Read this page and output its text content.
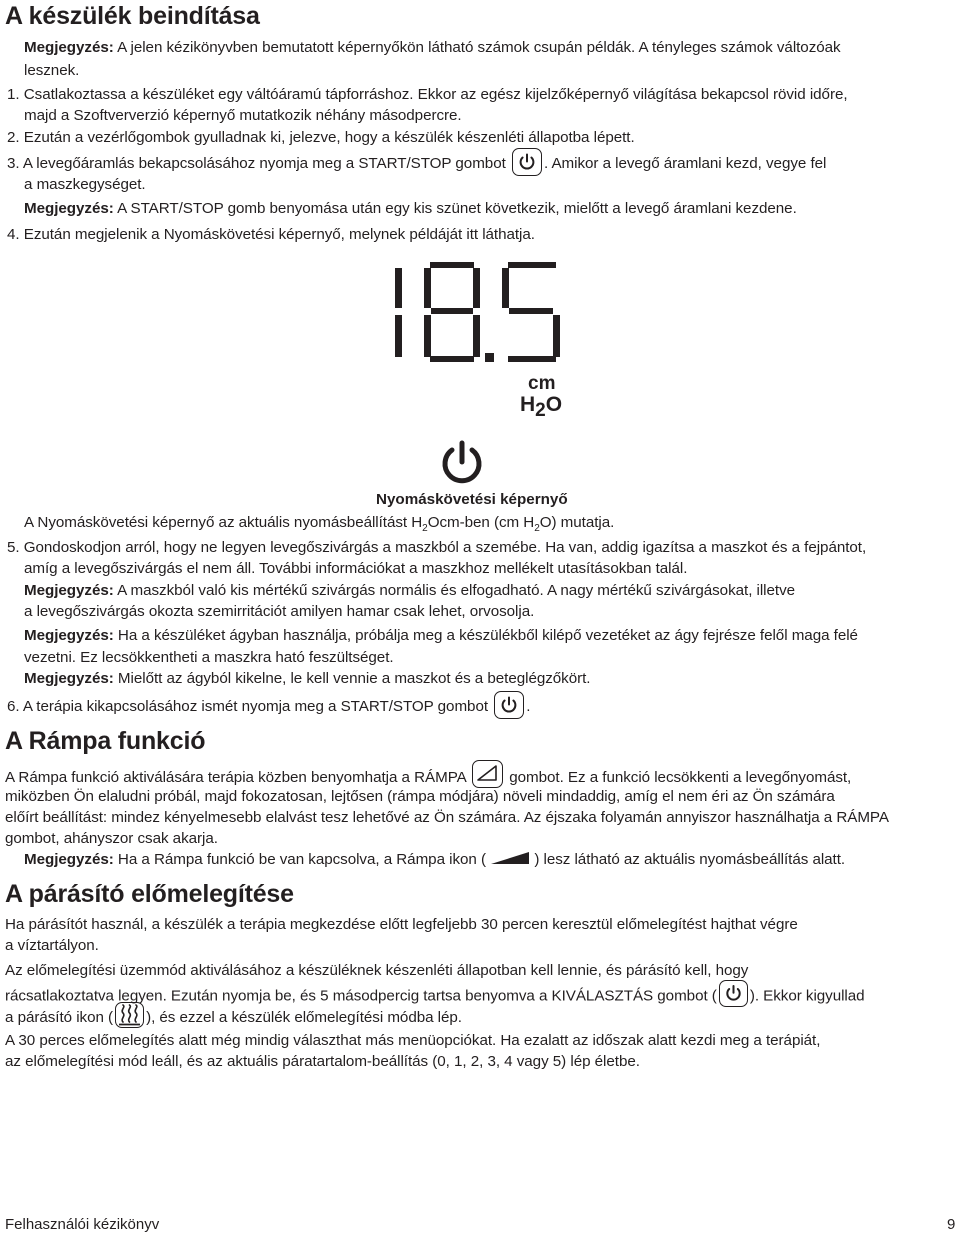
A készülék beindítása

Megjegyzés: A jelen kézikönyvben bemutatott képernyőkön látható számok csupán példák. A tényleges számok változóak

lesznek.

1. Csatlakoztassa a készüléket egy váltóáramú tápforráshoz. Ekkor az egész kijelzőképernyő világítása bekapcsol rövid időre,

majd a Szoftververzió képernyő mutatkozik néhány másodpercre.

2. Ezután a vezérlőgombok gyulladnak ki, jelezve, hogy a készülék készenléti állapotba lépett.

3. A levegőáramlás bekapcsolásához nyomja meg a START/STOP gombot	. Amikor a levegő áramlani kezd, vegye fel

a maszkegységet.

Megjegyzés: A START/STOP gomb benyomása után egy kis szünet következik, mielőtt a levegő áramlani kezdene.

4. Ezután megjelenik a Nyomáskövetési képernyő, melynek példáját itt láthatja.

cm
H2O
Nyomáskövetési képernyő

A Nyomáskövetési képernyő az aktuális nyomásbeállítást $H_2Ocm$-ben (cm $H_2O$) mutatja.

5. Gondoskodjon arról, hogy ne legyen levegőszivárgás a maszkból a szemébe. Ha van, addig igazítsa a maszkot és a fejpántot,

amíg a levegőszivárgás el nem áll. További információkat a maszkhoz mellékelt utasításokban talál.

Megjegyzés: A maszkból való kis mértékű szivárgás normális és elfogadható. A nagy mértékű szivárgásokat, illetve

a levegőszivárgás okozta szemirritációt amilyen hamar csak lehet, orvosolja.

Megjegyzés: Ha a készüléket ágyban használja, próbálja meg a készülékből kilépő vezetéket az ágy fejrésze felől maga felé

vezetni. Ez lecsökkentheti a maszkra ható feszültséget.

Megjegyzés: Mielőtt az ágyból kikelne, le kell vennie a maszkot és a beteglégzőkört.

6. A terápia kikapcsolásához ismét nyomja meg a START/STOP gombot	.

A Rámpa funkció

A Rámpa funkció aktiválására terápia közben benyomhatja a RÁMPA	gombot. Ez a funkció lecsökkenti a levegőnyomást,

miközben Ön elaludni próbál, majd fokozatosan, lejtősen (rámpa módjára) növeli mindaddig, amíg el nem éri az Ön számára

előírt beállítást: mindez kényelmesebb elalvást tesz lehetővé az Ön számára. Az éjszaka folyamán annyiszor használhatja a RÁMPA

gombot, ahányszor csak akarja.

Megjegyzés: Ha a Rámpa funkció be van kapcsolva, a Rámpa ikon (	) lesz látható az aktuális nyomásbeállítás alatt.

A párásító előmelegítése

Ha párásítót használ, a készülék a terápia megkezdése előtt legfeljebb 30 percen keresztül előmelegítést hajthat végre

a víztartályon.

Az előmelegítési üzemmód aktiválásához a készüléknek készenléti állapotban kell lennie, és párásító kell, hogy

rácsatlakoztatva legyen. Ezután nyomja be, és 5 másodpercig tartsa benyomva a KIVÁLASZTÁS gombot ( ). Ekkor kigyullad

a párásító ikon ( ), és ezzel a készülék előmelegítési módba lép.

A 30 perces előmelegítés alatt még mindig választhat más menüopciókat. Ha ezalatt az időszak alatt kezdi meg a terápiát,

az előmelegítési mód leáll, és az aktuális páratartalom-beállítás (0, 1, 2, 3, 4 vagy 5) lép életbe.

Felhasználói kézikönyv	9
